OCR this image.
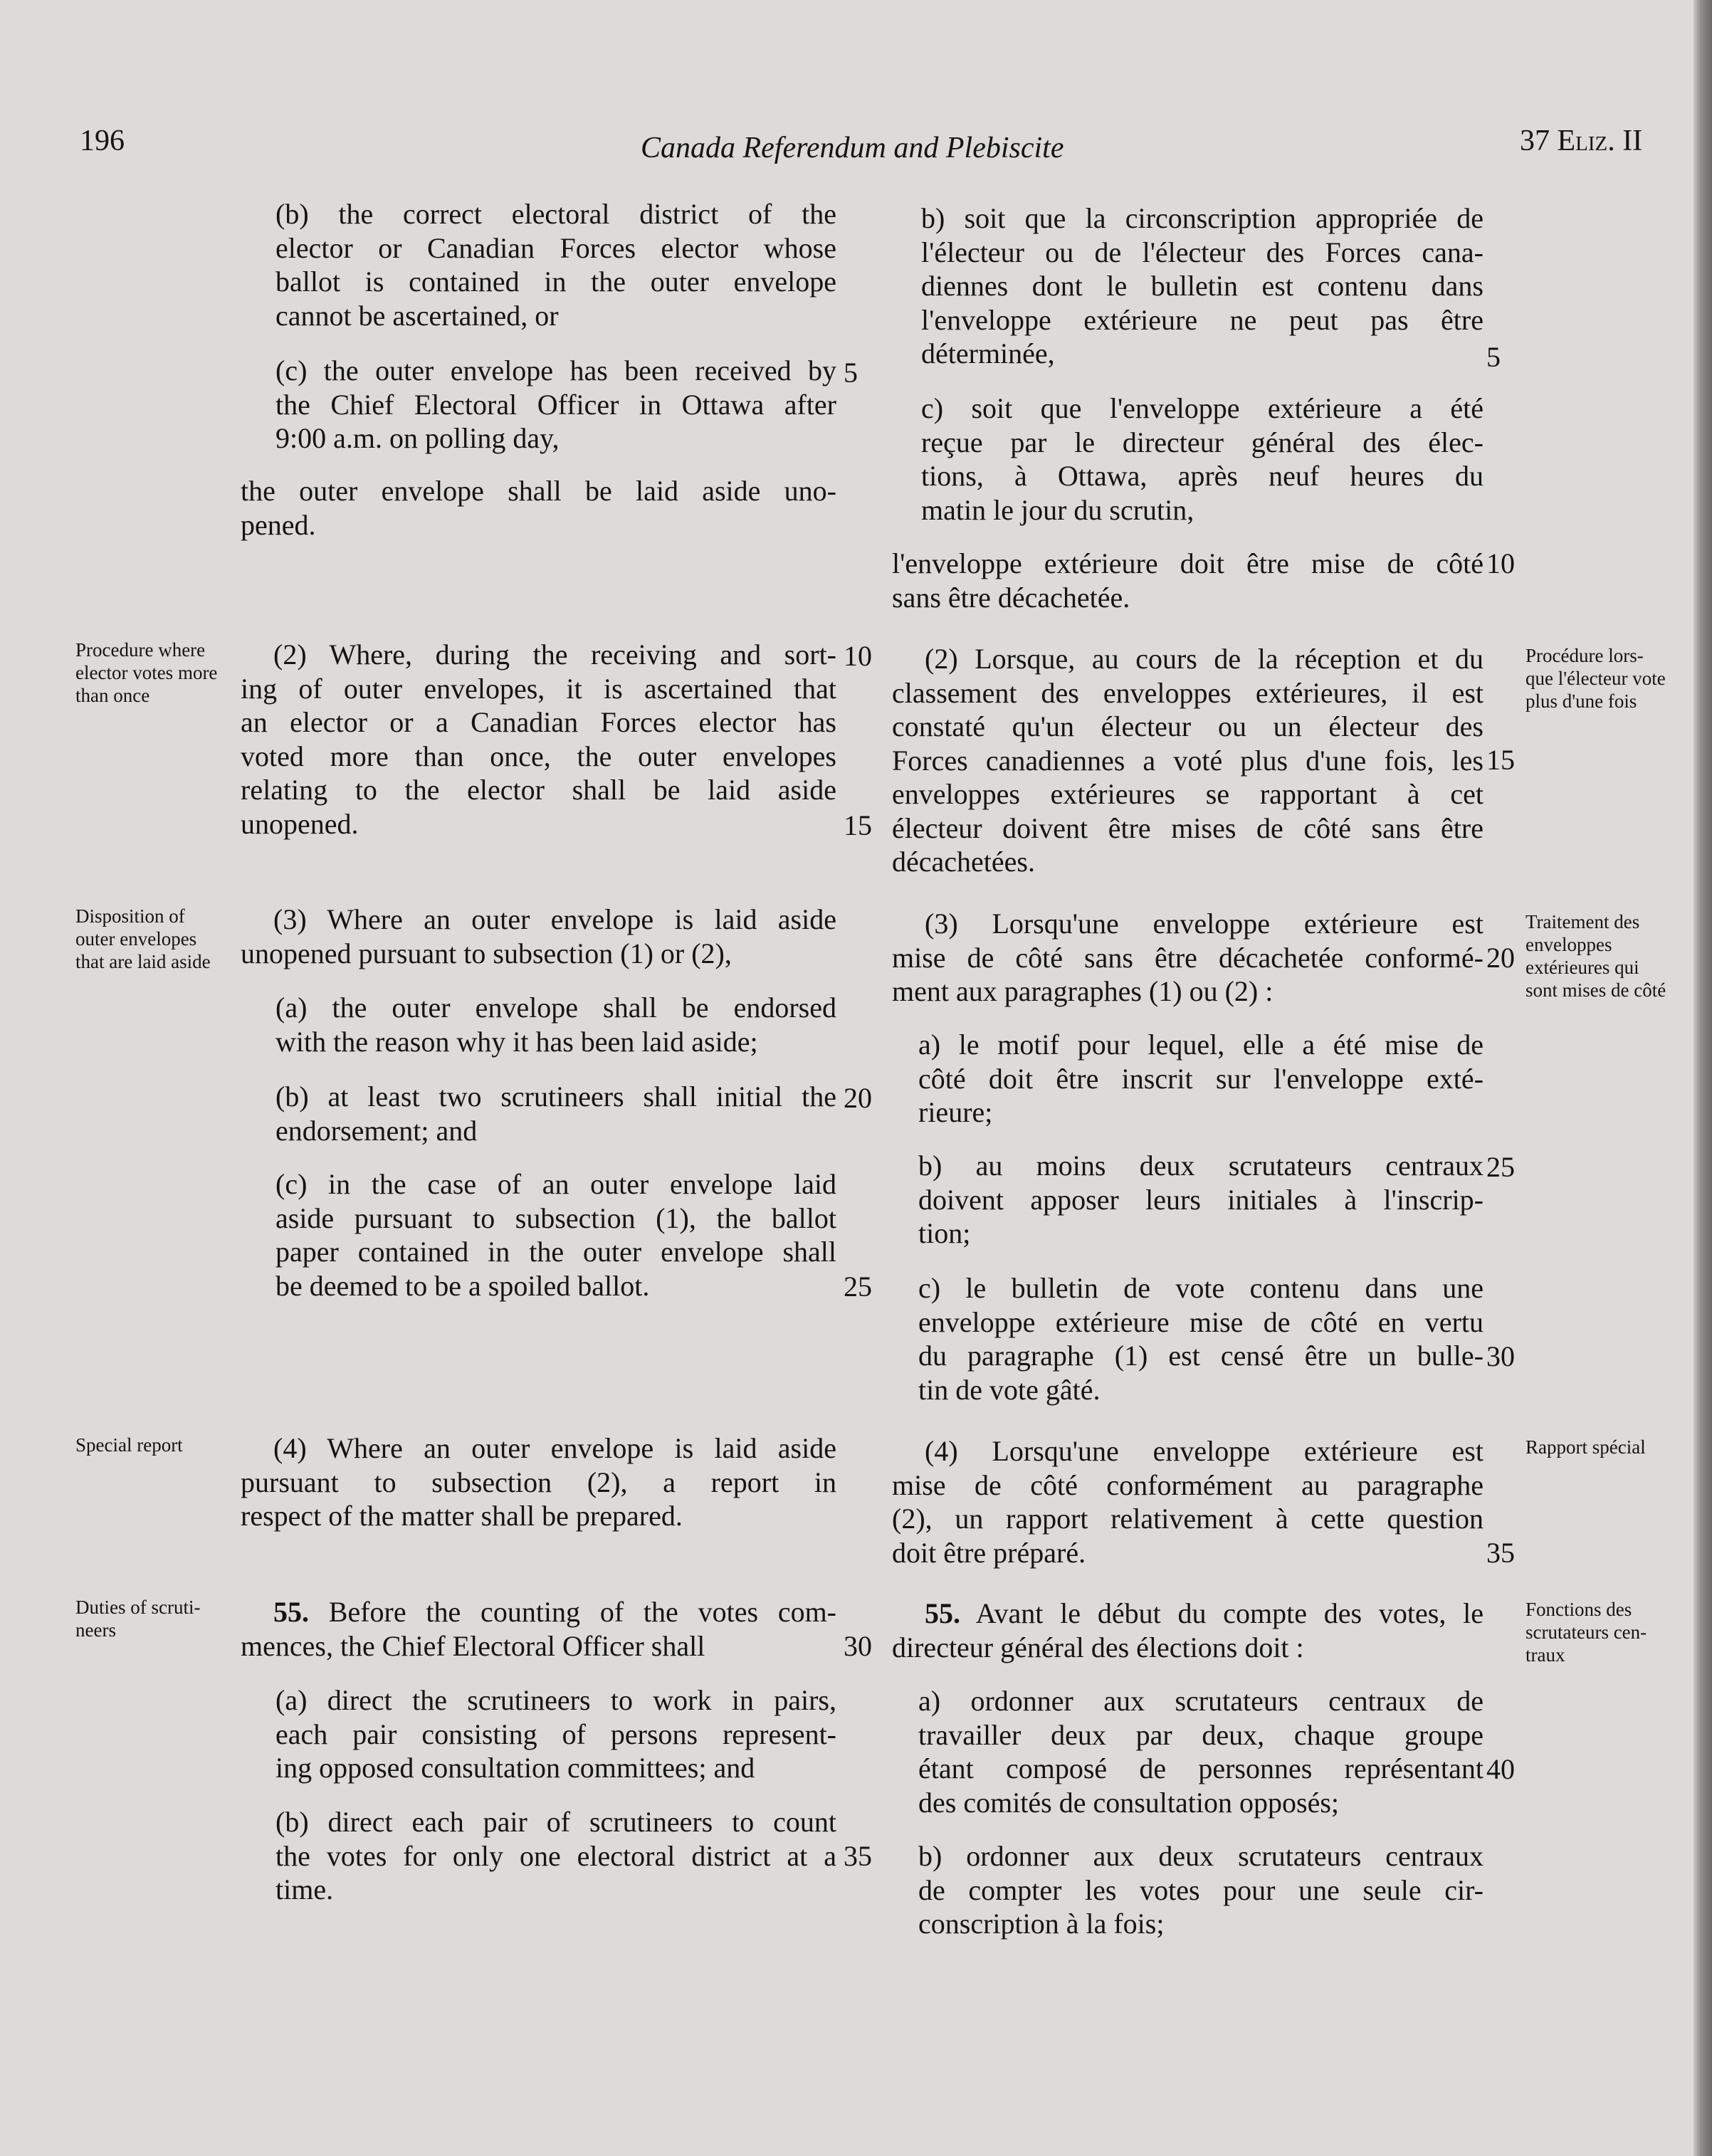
196	Canada Referendum and Plebiscite	37 Eliz. II

(b) the correct electoral district of the
elector or Canadian Forces elector whose
ballot is contained in the outer envelope
cannot be ascertained, or

(c) the outer envelope has been received by
the Chief Electoral Officer in Ottawa after
9:00 a.m. on polling day,

the outer envelope shall be laid aside uno-
pened.

(2) Where, during the receiving and sort-
ing of outer envelopes, it is ascertained that
an elector or a Canadian Forces elector has
voted more than once, the outer envelopes
relating to the elector shall be laid aside
unopened.

(3) Where an outer envelope is laid aside
unopened pursuant to subsection (1) or (2),

(a) the outer envelope shall be endorsed
with the reason why it has been laid aside;

(b) at least two scrutineers shall initial the
endorsement; and

(c) in the case of an outer envelope laid
aside pursuant to subsection (1), the ballot
paper contained in the outer envelope shall
be deemed to be a spoiled ballot.

(4) Where an outer envelope is laid aside
pursuant to subsection (2), a report in
respect of the matter shall be prepared.

55. Before the counting of the votes com-
mences, the Chief Electoral Officer shall

(a) direct the scrutineers to work in pairs,
each pair consisting of persons represent-
ing opposed consultation committees; and

(b) direct each pair of scrutineers to count
the votes for only one electoral district at a
time.

5
10
15
20
25
30
35

b) soit que la circonscription appropriée de
l'électeur ou de l'électeur des Forces cana-
diennes dont le bulletin est contenu dans
l'enveloppe extérieure ne peut pas être
déterminée,

c) soit que l'enveloppe extérieure a été
reçue par le directeur général des élec-
tions, à Ottawa, après neuf heures du
matin le jour du scrutin,

l'enveloppe extérieure doit être mise de côté
sans être décachetée.

(2) Lorsque, au cours de la réception et du
classement des enveloppes extérieures, il est
constaté qu'un électeur ou un électeur des
Forces canadiennes a voté plus d'une fois, les
enveloppes extérieures se rapportant à cet
électeur doivent être mises de côté sans être
décachetées.

(3) Lorsqu'une enveloppe extérieure est
mise de côté sans être décachetée conformé-
ment aux paragraphes (1) ou (2) :

a) le motif pour lequel, elle a été mise de
côté doit être inscrit sur l'enveloppe exté-
rieure;

b) au moins deux scrutateurs centraux
doivent apposer leurs initiales à l'inscrip-
tion;

c) le bulletin de vote contenu dans une
enveloppe extérieure mise de côté en vertu
du paragraphe (1) est censé être un bulle-
tin de vote gâté.

(4) Lorsqu'une enveloppe extérieure est
mise de côté conformément au paragraphe
(2), un rapport relativement à cette question
doit être préparé.

55. Avant le début du compte des votes, le
directeur général des élections doit :

a) ordonner aux scrutateurs centraux de
travailler deux par deux, chaque groupe
étant composé de personnes représentant
des comités de consultation opposés;

b) ordonner aux deux scrutateurs centraux
de compter les votes pour une seule cir-
conscription à la fois;

5
10
15
20
25
30
35
40
Procedure where elector votes more than once
Disposition of outer envelopes that are laid aside
Special report
Duties of scruti- neers
Procédure lors- que l'électeur vote plus d'une fois
Traitement des enveloppes extérieures qui sont mises de côté
Rapport spécial
Fonctions des scrutateurs cen- traux
